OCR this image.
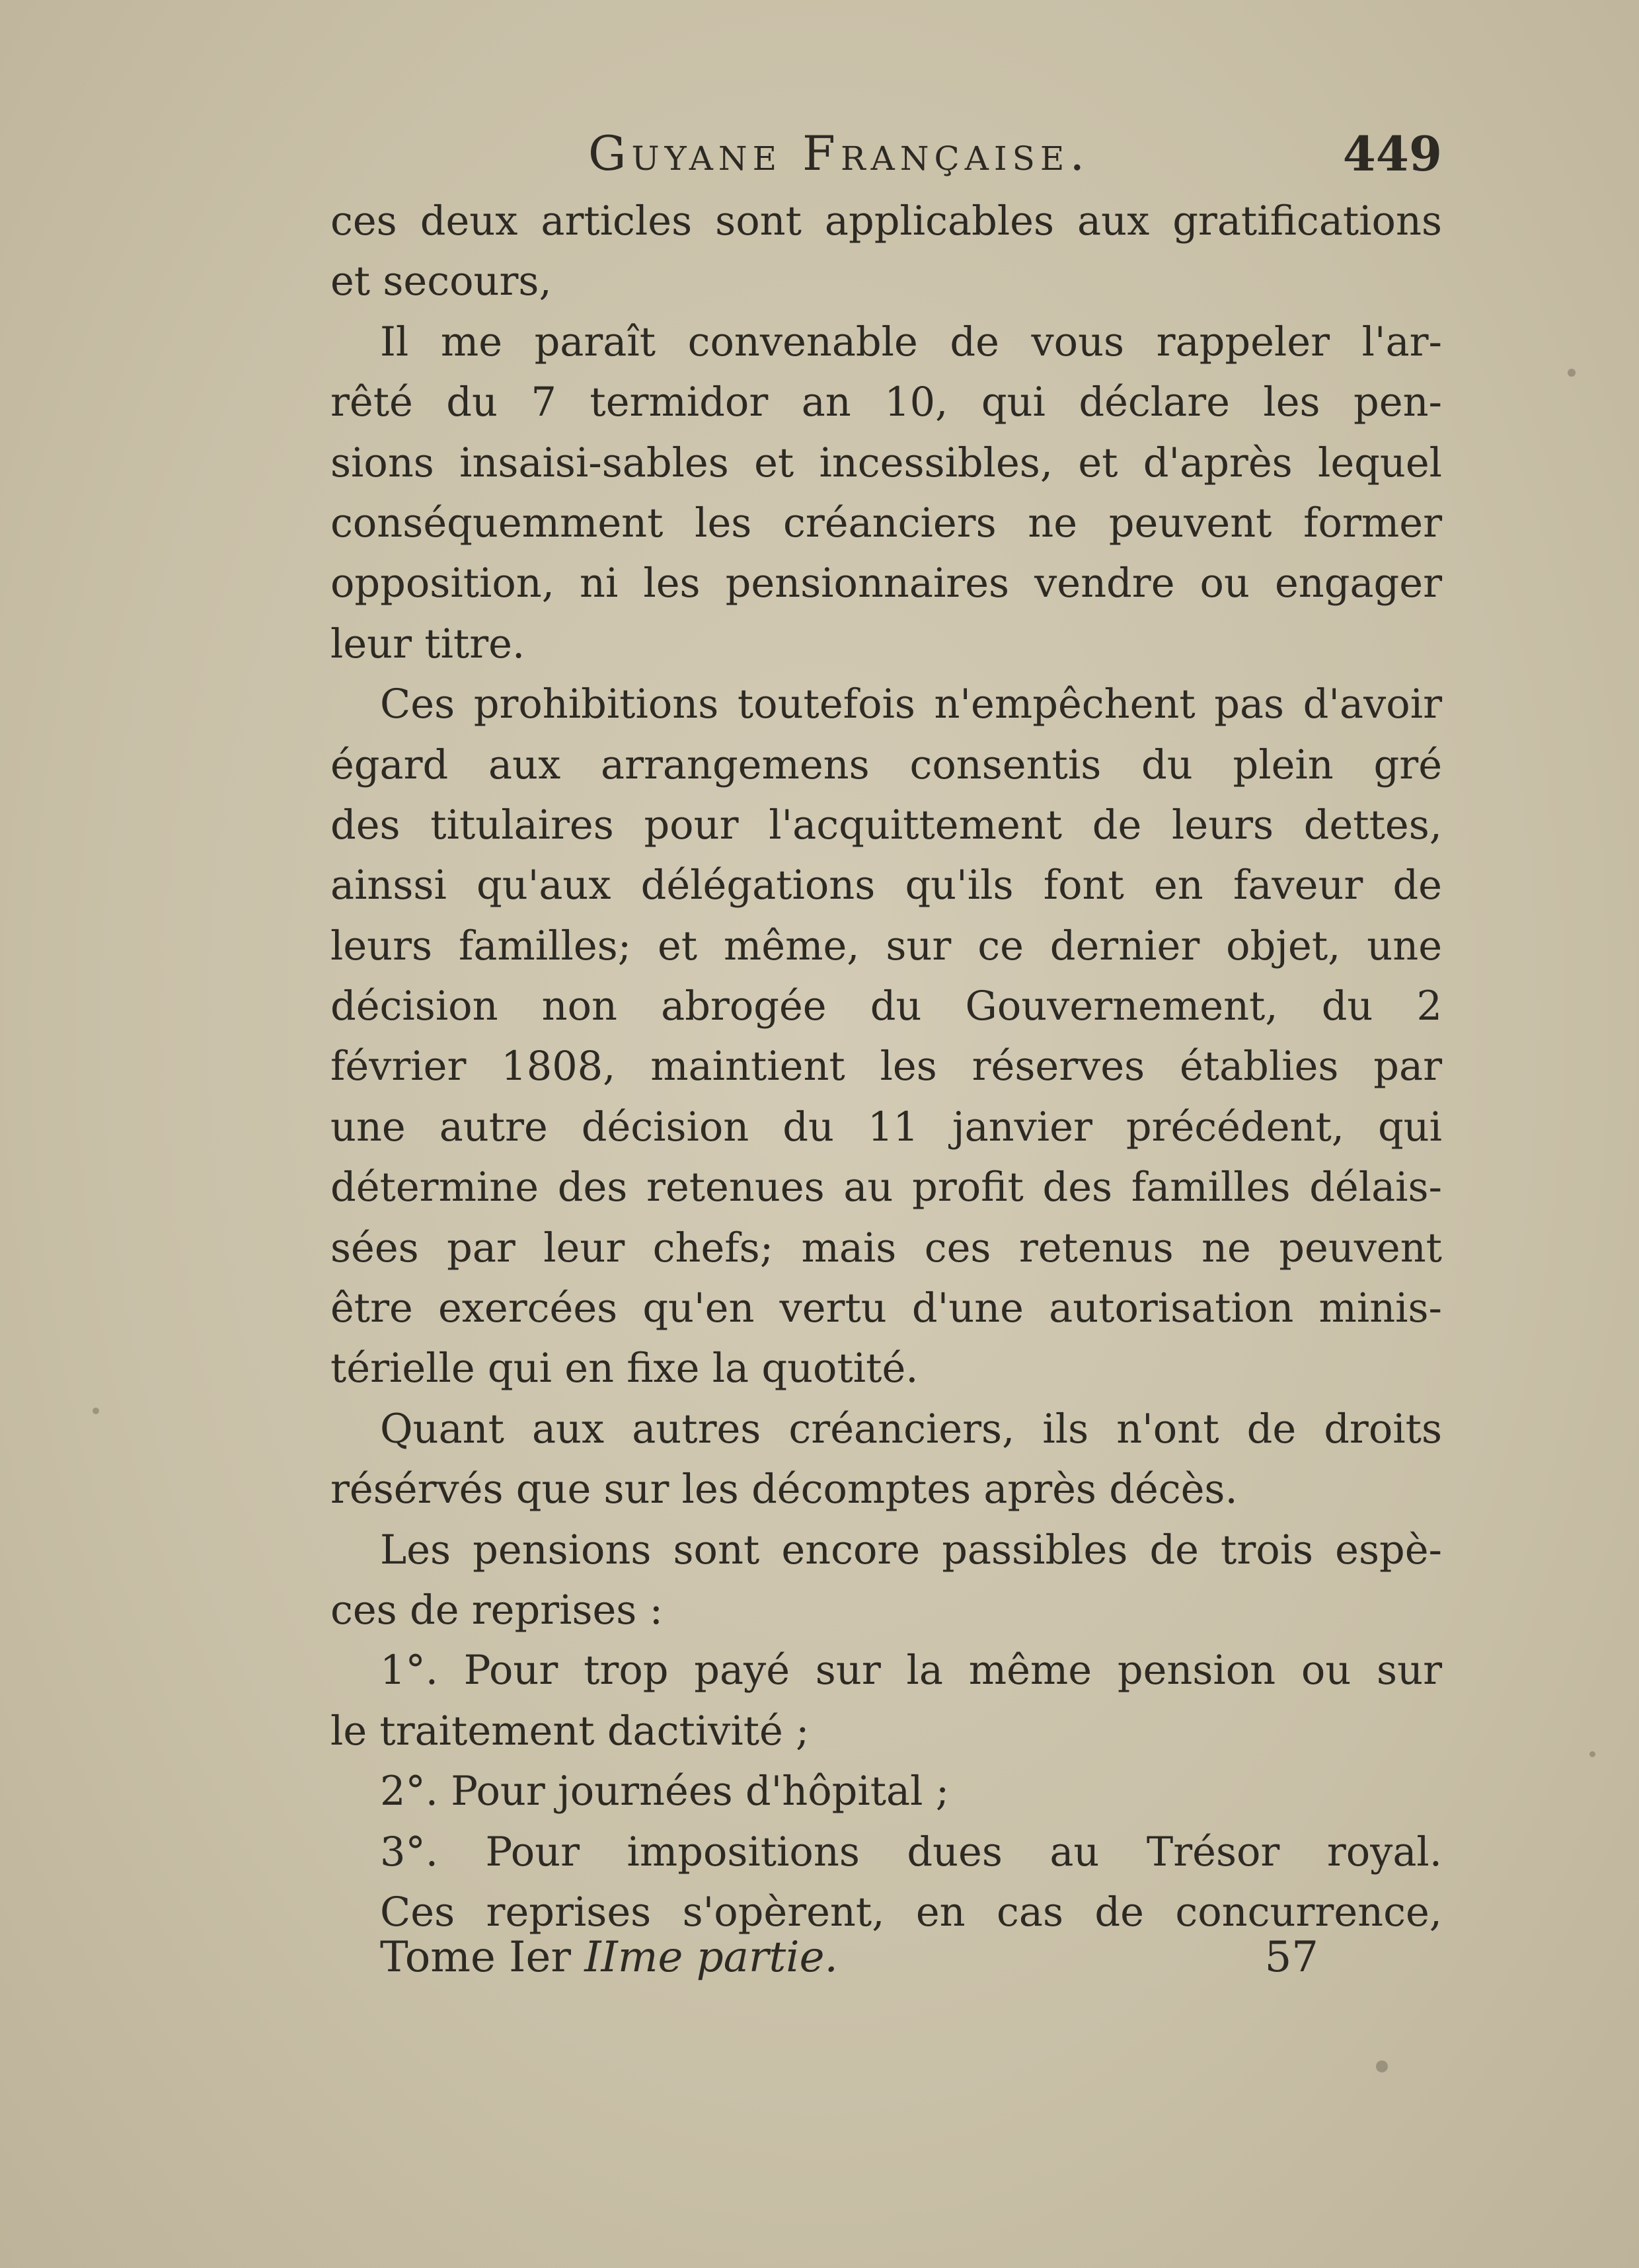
Guyane Française.	449
ces deux articles sont applicables aux gratifications
et secours,
Il me paraît convenable de vous rappeler l'ar-
rêté du 7 termidor an 10, qui déclare les pen-
sions insaisi-sables et incessibles, et d'après lequel
conséquemment les créanciers ne peuvent former
opposition, ni les pensionnaires vendre ou engager
leur titre.
Ces prohibitions toutefois n'empêchent pas d'avoir
égard aux arrangemens consentis du plein gré
des titulaires pour l'acquittement de leurs dettes,
ainssi qu'aux délégations qu'ils font en faveur de
leurs familles; et même, sur ce dernier objet, une
décision non abrogée du Gouvernement, du 2
février 1808, maintient les réserves établies par
une autre décision du 11 janvier précédent, qui
détermine des retenues au profit des familles délais-
sées par leur chefs; mais ces retenus ne peuvent
être exercées qu'en vertu d'une autorisation minis-
térielle qui en fixe la quotité.
Quant aux autres créanciers, ils n'ont de droits
résérvés que sur les décomptes après décès.
Les pensions sont encore passibles de trois espè-
ces de reprises :
1°. Pour trop payé sur la même pension ou sur
le traitement dactivité ;
2°. Pour journées d'hôpital ;
3°. Pour impositions dues au Trésor royal.
Ces reprises s'opèrent, en cas de concurrence,
Tome Ier IIme partie.	57
